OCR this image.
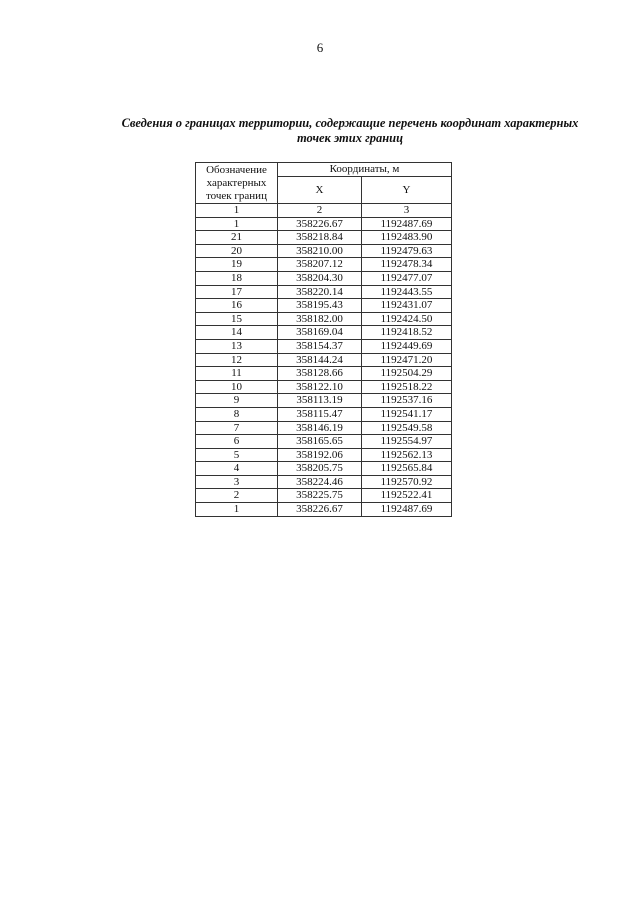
6
Сведения о границах территории, содержащие перечень координат характерных
точек этих границ
Обозначение характерных точек границ	Координаты, м	
	X	Y
1	2	3
1	358226.67	1192487.69
21	358218.84	1192483.90
20	358210.00	1192479.63
19	358207.12	1192478.34
18	358204.30	1192477.07
17	358220.14	1192443.55
16	358195.43	1192431.07
15	358182.00	1192424.50
14	358169.04	1192418.52
13	358154.37	1192449.69
12	358144.24	1192471.20
11	358128.66	1192504.29
10	358122.10	1192518.22
9	358113.19	1192537.16
8	358115.47	1192541.17
7	358146.19	1192549.58
6	358165.65	1192554.97
5	358192.06	1192562.13
4	358205.75	1192565.84
3	358224.46	1192570.92
2	358225.75	1192522.41
1	358226.67	1192487.69
